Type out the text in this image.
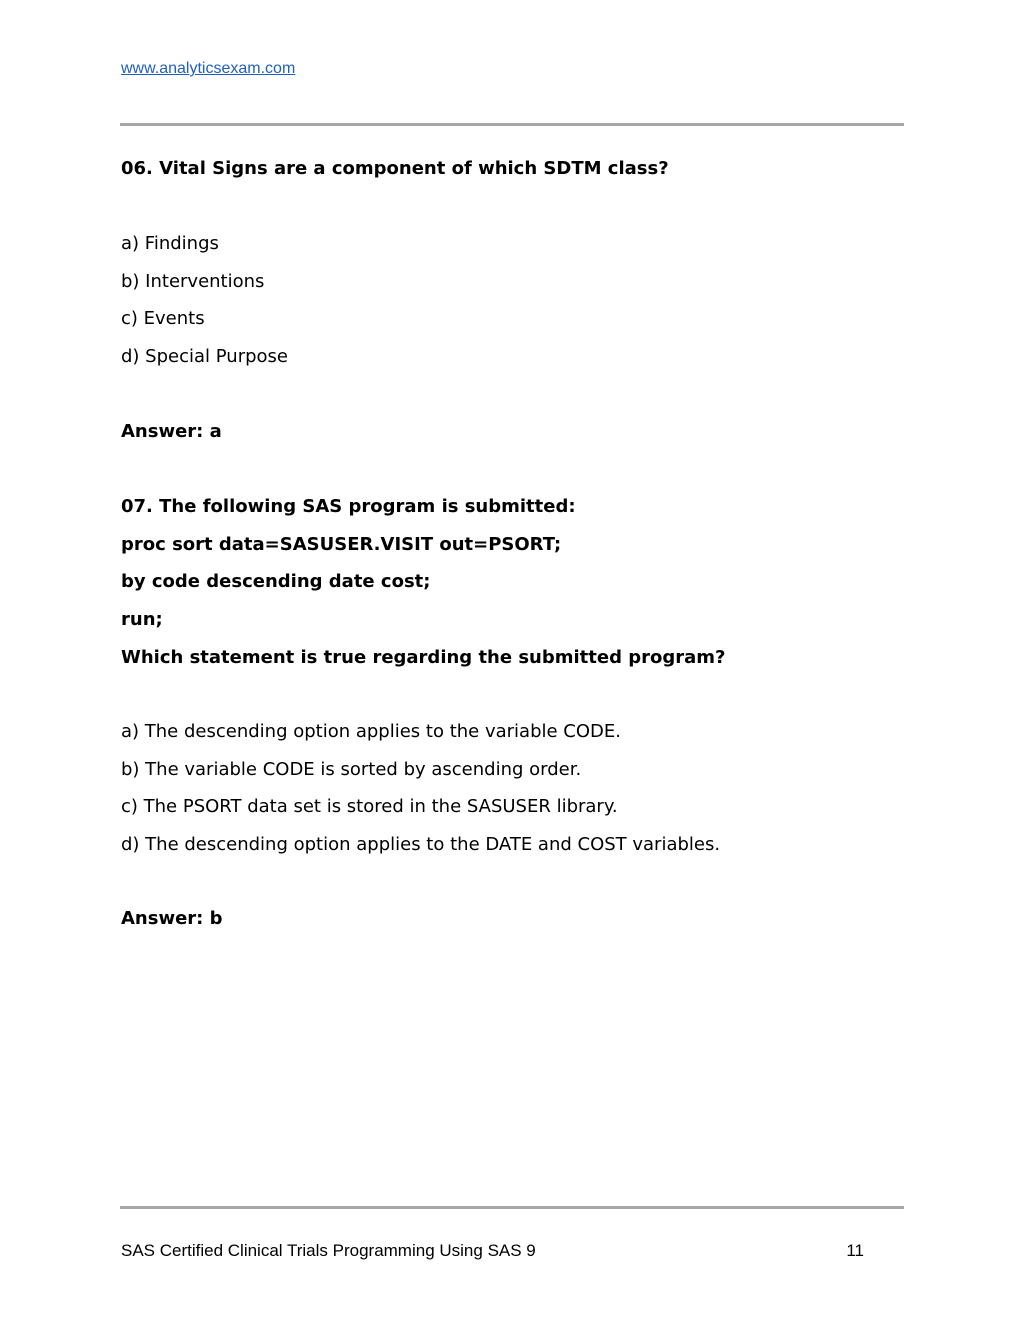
www.analyticsexam.com
06. Vital Signs are a component of which SDTM class?
a) Findings
b) Interventions
c) Events
d) Special Purpose
Answer: a
07. The following SAS program is submitted:
proc sort data=SASUSER.VISIT out=PSORT;
by code descending date cost;
run;
Which statement is true regarding the submitted program?
a) The descending option applies to the variable CODE.
b) The variable CODE is sorted by ascending order.
c) The PSORT data set is stored in the SASUSER library.
d) The descending option applies to the DATE and COST variables.
Answer: b
SAS Certified Clinical Trials Programming Using SAS 9	11
